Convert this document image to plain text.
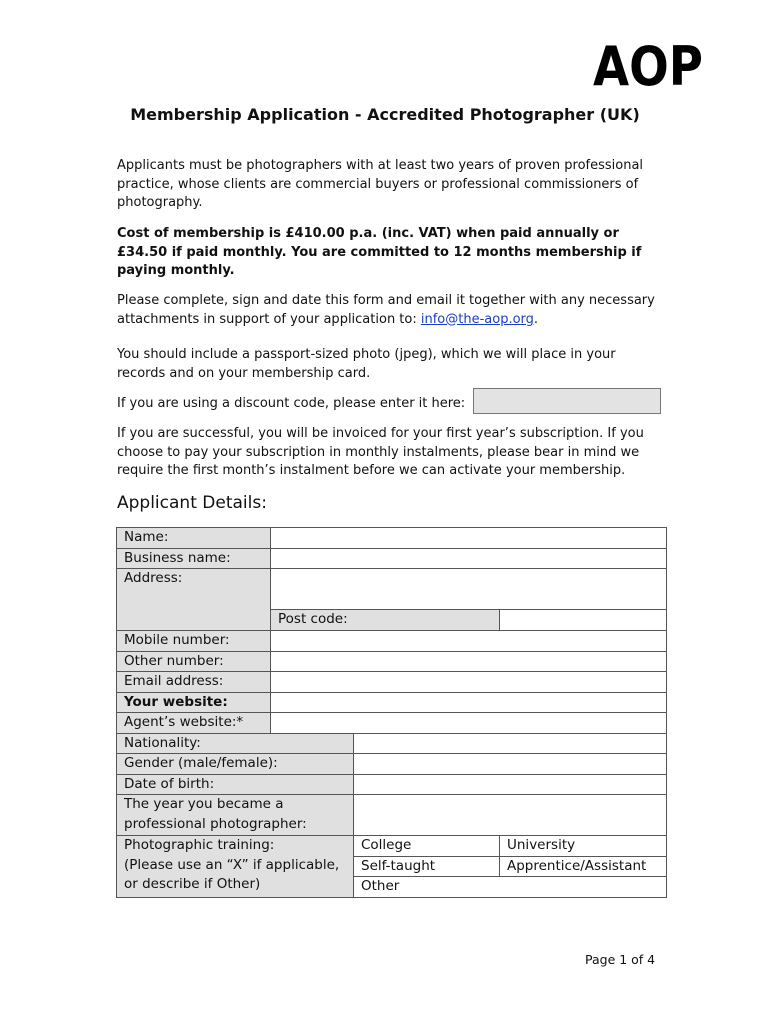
AOP
Membership Application - Accredited Photographer (UK)

Applicants must be photographers with at least two years of proven professional practice, whose clients are commercial buyers or professional commissioners of photography.

Cost of membership is £410.00 p.a. (inc. VAT) when paid annually or £34.50 if paid monthly. You are committed to 12 months membership if paying monthly.

Please complete, sign and date this form and email it together with any necessary attachments in support of your application to: info@the-aop.org.

You should include a passport-sized photo (jpeg), which we will place in your records and on your membership card.

If you are using a discount code, please enter it here:

If you are successful, you will be invoiced for your first year’s subscription. If you choose to pay your subscription in monthly instalments, please bear in mind we require the first month’s instalment before we can activate your membership.

Applicant Details:
Name:			
Business name:			
Address:			
	Post code:		
Mobile number:			
Other number:			
Email address:			
Your website:			
Agent’s website:*			
Nationality:			
Gender (male/female):			
Date of birth:			

The year you became a
professional photographer:			

Photographic training:
(Please use an “X” if applicable,
or describe if Other)		College	University
		Self-taught	Apprentice/Assistant
		Other	
Page 1 of 4
